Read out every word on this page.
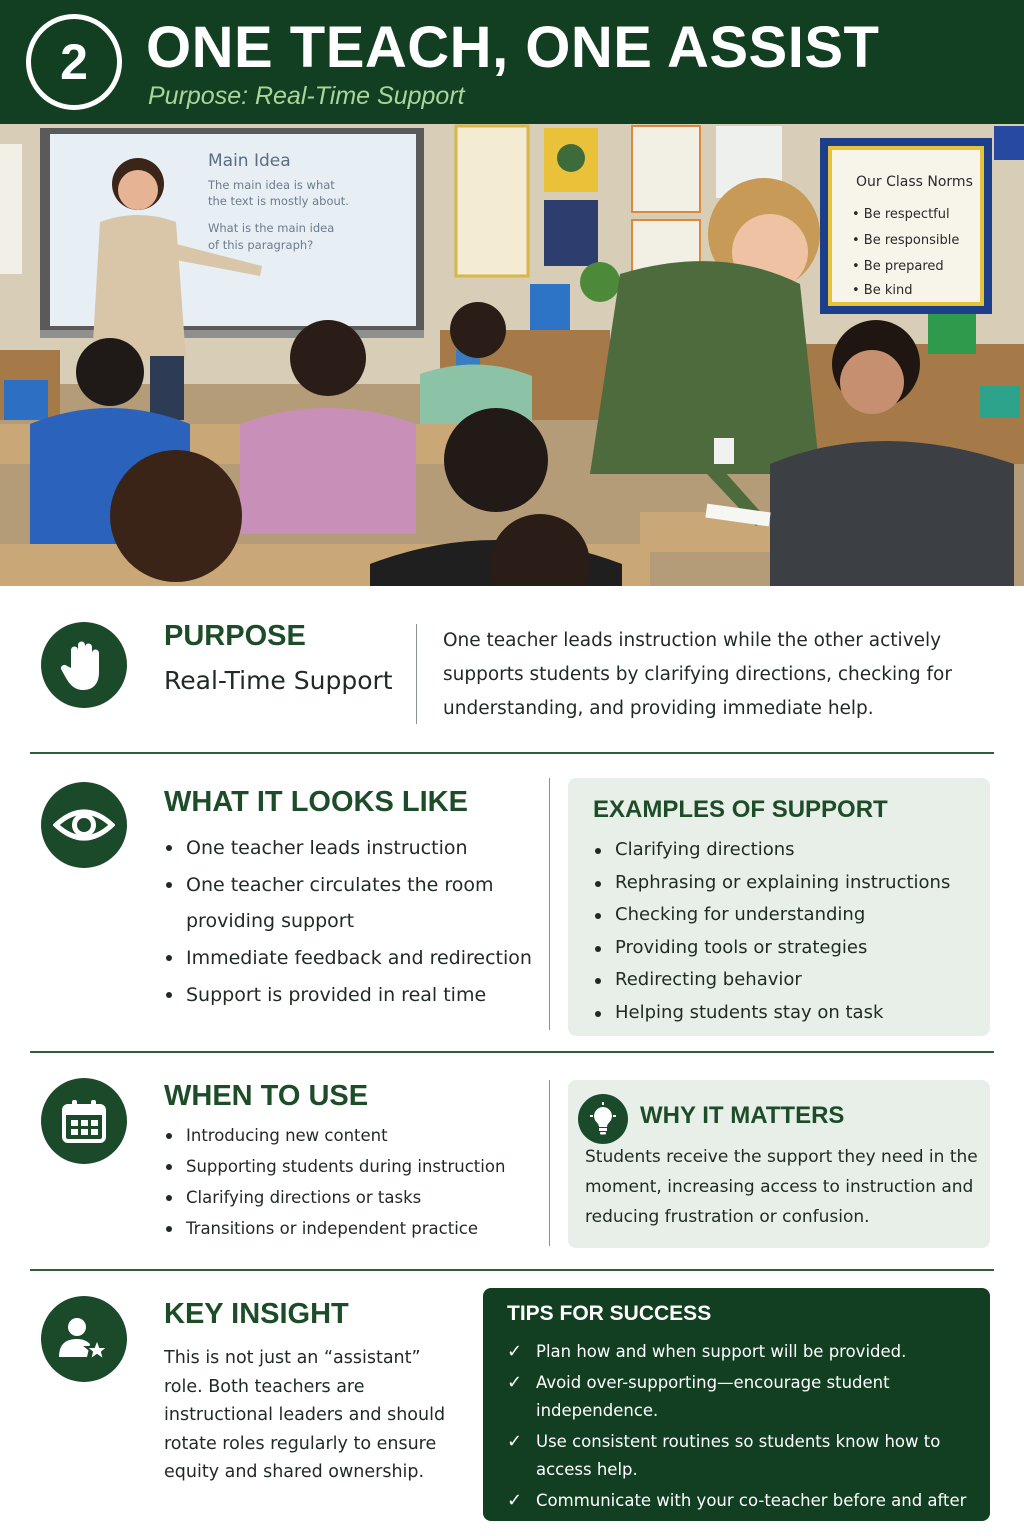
2	ONE TEACH, ONE ASSIST
Purpose: Real-Time Support
Main Idea
The main idea is what
the text is mostly about.
What is the main idea
of this paragraph?
Our Class Norms
• Be respectful
• Be responsible
• Be prepared
• Be kind
PURPOSE
Real-Time Support
One teacher leads instruction while the other actively supports students by clarifying directions, checking for understanding, and providing immediate help.
WHAT IT LOOKS LIKE
One teacher leads instruction
One teacher circulates the room providing support
Immediate feedback and redirection
Support is provided in real time
EXAMPLES OF SUPPORT
Clarifying directions
Rephrasing or explaining instructions
Checking for understanding
Providing tools or strategies
Redirecting behavior
Helping students stay on task
WHEN TO USE
Introducing new content
Supporting students during instruction
Clarifying directions or tasks
Transitions or independent practice
WHY IT MATTERS
Students receive the support they need in the moment, increasing access to instruction and reducing frustration or confusion.
KEY INSIGHT
This is not just an “assistant” role. Both teachers are instructional leaders and should rotate roles regularly to ensure equity and shared ownership.
TIPS FOR SUCCESS
✓ Plan how and when support will be provided.
✓ Avoid over-supporting—encourage student independence.
✓ Use consistent routines so students know how to access help.
✓ Communicate with your co-teacher before and after the lesson.
